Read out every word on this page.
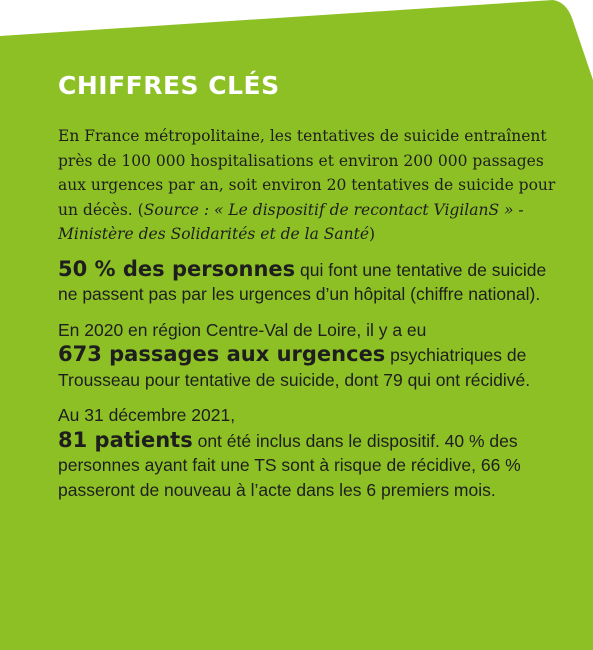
CHIFFRES CLÉS

En France métropolitaine, les tentatives de suicide entraînent près de 100 000 hospitalisations et environ 200 000 passages aux urgences par an, soit environ 20 tentatives de suicide pour un décès. (Source : « Le dispositif de recontact VigilanS » - Ministère des Solidarités et de la Santé)

50 % des personnes qui font une tentative de suicide ne passent pas par les urgences d’un hôpital (chiffre national).

En 2020 en région Centre-Val de Loire, il y a eu
673 passages aux urgences psychiatriques de Trousseau pour tentative de suicide, dont 79 qui ont récidivé.

Au 31 décembre 2021,
81 patients ont été inclus dans le dispositif. 40 % des personnes ayant fait une TS sont à risque de récidive, 66 % passeront de nouveau à l’acte dans les 6 premiers mois.
